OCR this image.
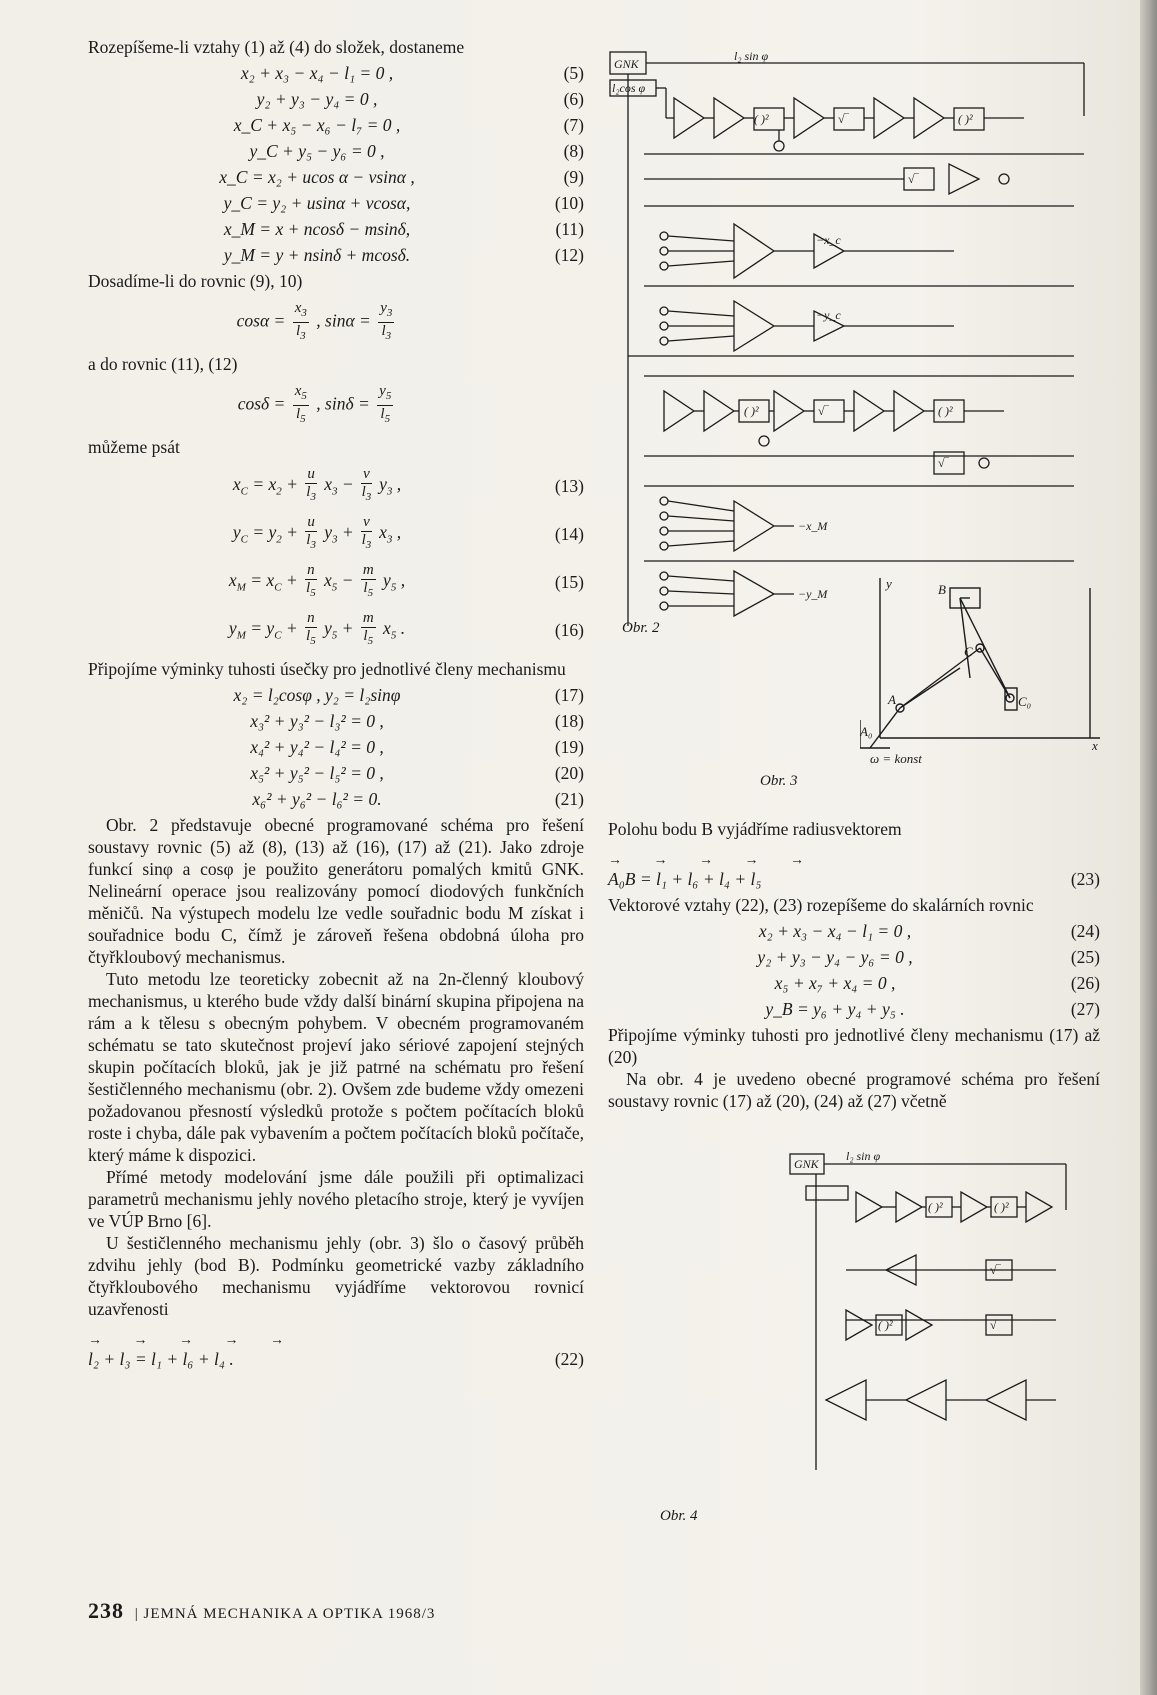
Rozepíšeme-li vztahy (1) až (4) do složek, dostaneme

x₂ + x₃ − x₄ − l₁ = 0 ,	(5)
y₂ + y₃ − y₄ = 0 ,	(6)
x_C + x₅ − x₆ − l₇ = 0 ,	(7)
y_C + y₅ − y₆ = 0 ,	(8)
x_C = x₂ + ucos α − vsinα ,	(9)
y_C = y₂ + usinα + vcosα,	(10)
x_M = x + ncosδ − msinδ,	(11)
y_M = y + nsinδ + mcosδ.	(12)

Dosadíme-li do rovnic (9), 10)

$\cos\alpha = \frac{x_3}{l_3}$ , $\sin\alpha = \frac{y_3}{l_3}$

a do rovnic (11), (12)

$\cos\delta = \frac{x_5}{l_5}$ , $\sin\delta = \frac{y_5}{l_5}$

můžeme psát

$x_C = x_2 + \frac{u}{l_3} x_3 - \frac{v}{l_3} y_3$ ,	(13)
$y_C = y_2 + \frac{u}{l_3} y_3 + \frac{v}{l_3} x_3$ ,	(14)
$x_M = x_C + \frac{n}{l_5} x_5 - \frac{m}{l_5} y_5$ ,	(15)
$y_M = y_C + \frac{n}{l_5} y_5 + \frac{m}{l_5} x_5$ .	(16)

Připojíme výminky tuhosti úsečky pro jednotlivé členy mechanismu

x₂ = l₂cosφ , y₂ = l₂sinφ	(17)
x₃² + y₃² − l₃² = 0 ,	(18)
x₄² + y₄² − l₄² = 0 ,	(19)
x₅² + y₅² − l₅² = 0 ,	(20)
x₆² + y₆² − l₆² = 0.	(21)

Obr. 2 představuje obecné programované schéma pro řešení soustavy rovnic (5) až (8), (13) až (16), (17) až (21). Jako zdroje funkcí sinφ a cosφ je použito generátoru pomalých kmitů GNK. Nelineární operace jsou realizovány pomocí diodových funkčních měničů. Na výstupech modelu lze vedle souřadnic bodu M získat i souřadnice bodu C, čímž je zároveň řešena obdobná úloha pro čtyřkloubový mechanismus.

Tuto metodu lze teoreticky zobecnit až na 2n-členný kloubový mechanismus, u kterého bude vždy další binární skupina připojena na rám a k tělesu s obecným pohybem. V obecném programovaném schématu se tato skutečnost projeví jako sériové zapojení stejných skupin počítacích bloků, jak je již patrné na schématu pro řešení šestičlenného mechanismu (obr. 2). Ovšem zde budeme vždy omezeni požadovanou přesností výsledků protože s počtem počítacích bloků roste i chyba, dále pak vybavením a počtem počítacích bloků počítače, který máme k dispozici.

Přímé metody modelování jsme dále použili při optimalizaci parametrů mechanismu jehly nového pletacího stroje, který je vyvíjen ve VÚP Brno [6].

U šestičlenného mechanismu jehly (obr. 3) šlo o časový průběh zdvihu jehly (bod B). Podmínku geometrické vazby základního čtyřkloubového mechanismu vyjádříme vektorovou rovnicí uzavřenosti

→ → → → →
l₂ + l₃ = l₁ + l₆ + l₄ .	(22)
238 | JEMNÁ MECHANIKA A OPTIKA 1968/3
GNK
l₂cos φ
l₂ sin φ
( )²	√‾	( )²
√‾
−x_c
−y_c
( )²	√‾	( )²
√‾
−x_M
−y_M
Obr. 2
y
x
B
C
A
A₀
C₀
ω = konst
Obr. 3

Polohu bodu B vyjádříme radiusvektorem

→ → → → →
A₀B = l₁ + l₆ + l₄ + l₅	(23)

Vektorové vztahy (22), (23) rozepíšeme do skalárních rovnic

x₂ + x₃ − x₄ − l₁ = 0 ,	(24)
y₂ + y₃ − y₄ − y₆ = 0 ,	(25)
x₅ + x₇ + x₄ = 0 ,	(26)
y_B = y₆ + y₄ + y₅ .	(27)

Připojíme výminky tuhosti pro jednotlivé členy mechanismu (17) až (20)

Na obr. 4 je uvedeno obecné programové schéma pro řešení soustavy rovnic (17) až (20), (24) až (27) včetně

GNK
l₂ sin φ
( )²	( )²
√‾
( )²	√‾
Obr. 4
